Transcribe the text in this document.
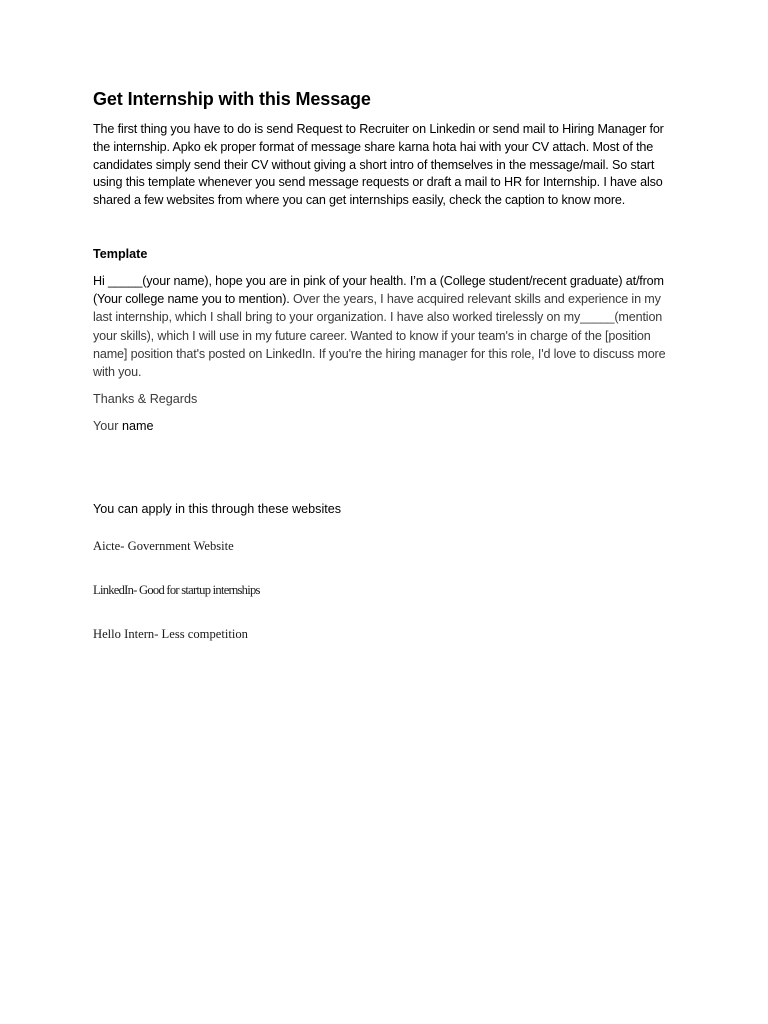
Get Internship with this Message

The first thing you have to do is send Request to Recruiter on Linkedin or send mail to Hiring Manager for the internship. Apko ek proper format of message share karna hota hai with your CV attach. Most of the candidates simply send their CV without giving a short intro of themselves in the message/mail. So start using this template whenever you send message requests or draft a mail to HR for Internship. I have also shared a few websites from where you can get internships easily, check the caption to know more.

Template

Hi _____(your name), hope you are in pink of your health. I’m a (College student/recent graduate) at/from (Your college name you to mention). Over the years, I have acquired relevant skills and experience in my last internship, which I shall bring to your organization. I have also worked tirelessly on my_____(mention your skills), which I will use in my future career. Wanted to know if your team's in charge of the [position name] position that's posted on LinkedIn. If you're the hiring manager for this role, I'd love to discuss more with you.

Thanks & Regards

Your name

You can apply in this through these websites

Aicte- Government Website

LinkedIn- Good for startup internships

Hello Intern- Less competition
